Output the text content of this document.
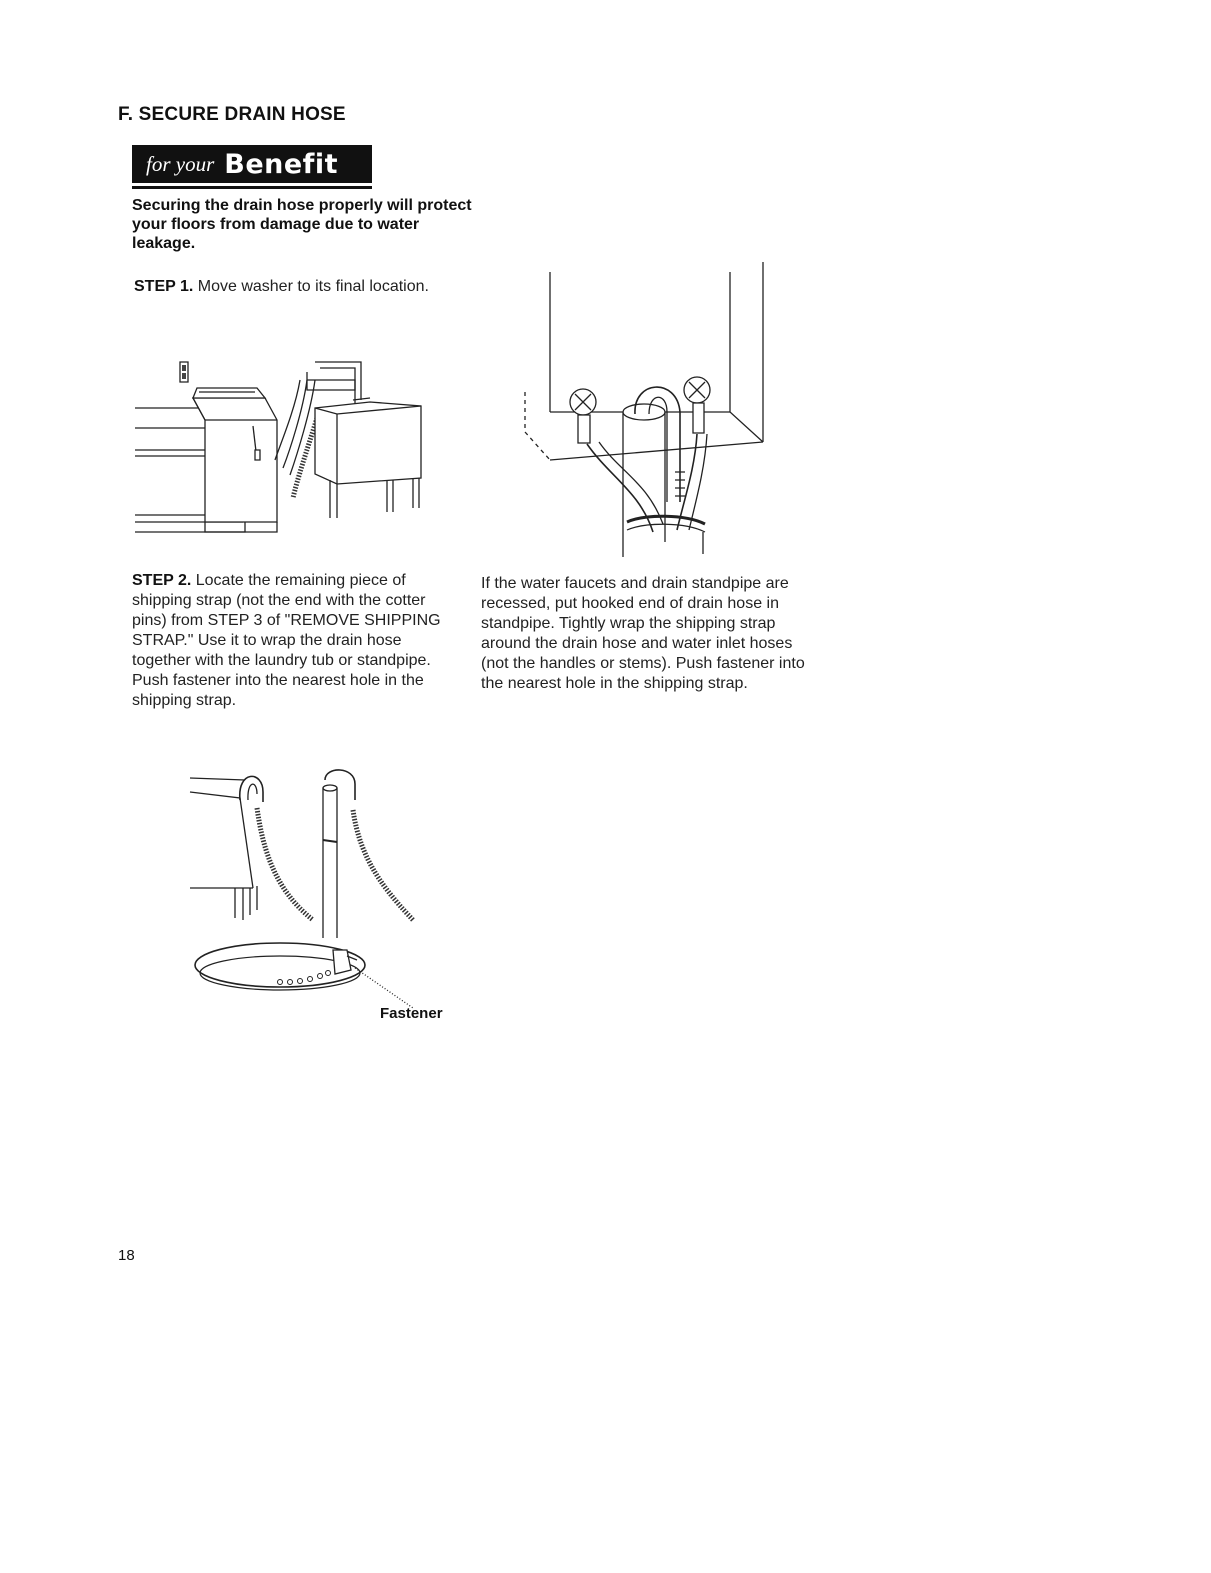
F. SECURE DRAIN HOSE
for your Benefit
Securing the drain hose properly will protect your floors from damage due to water leakage.
STEP 1. Move washer to its final location.
STEP 2. Locate the remaining piece of shipping strap (not the end with the cotter pins) from STEP 3 of "REMOVE SHIPPING STRAP." Use it to wrap the drain hose together with the laundry tub or standpipe. Push fastener into the nearest hole in the shipping strap.
If the water faucets and drain standpipe are recessed, put hooked end of drain hose in standpipe. Tightly wrap the shipping strap around the drain hose and water inlet hoses (not the handles or stems). Push fastener into the nearest hole in the shipping strap.
Fastener
18
